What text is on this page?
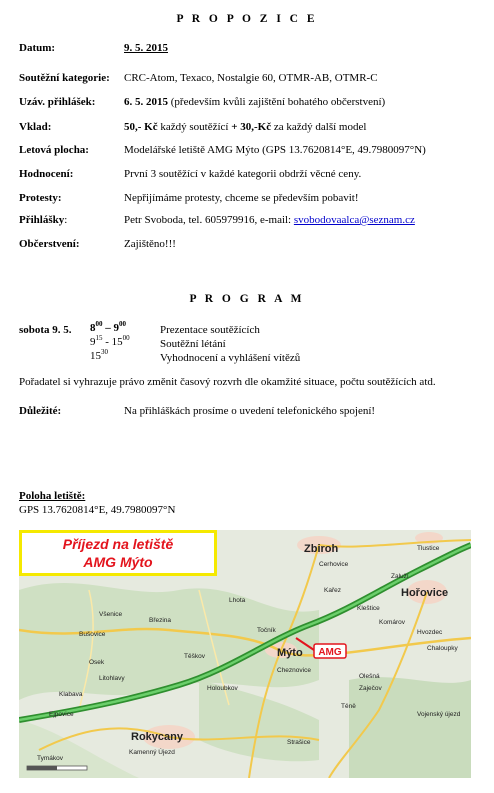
P R O P O Z I C E
Datum:	9. 5. 2015
Soutěžní kategorie: CRC-Atom, Texaco, Nostalgie 60, OTMR-AB, OTMR-C
Uzáv. přihlášek:	6. 5. 2015 (především kvůli zajištění bohatého občerstvení)
Vklad:	50,- Kč každý soutěžící + 30,-Kč za každý další model
Letová plocha:	Modelářské letiště AMG Mýto (GPS 13.7620814°E, 49.7980097°N)
Hodnocení:	První 3 soutěžící v každé kategorii obdrží věcné ceny.
Protesty:	Nepřijímáme protesty, chceme se především pobavit!
Přihlášky:	Petr Svoboda, tel. 605979916, e-mail: svobodovaalca@seznam.cz
Občerstvení:	Zajištěno!!!
P R O G R A M
sobota 9. 5. $8^{00} - 9^{00}$	Prezentace soutěžících
$9^{15} - 15^{00}$	Soutěžní létání
$15^{30}$	Vyhodnocení a vyhlášení vítězů
Pořadatel si vyhrazuje právo změnit časový rozvrh dle okamžité situace, počtu soutěžících atd.
Důležité:	Na přihláškách prosíme o uvedení telefonického spojení!
Poloha letiště:
GPS 13.7620814°E, 49.7980097°N
AMG
Zbiroh
Cerhovice
Tlustice
Hořovice
Lhota
Kařez
Zaluží
Kleštice
Březina
Všenice
Točník
Komárov
Hvozdec
Bušovice
Těškov
Chaloupky
Osek
Mýto
Cheznovice
Olešná
Litohlavy
Holoubkov	Zaječov
Klabava
Ejpovice
Těně
Vojenský újezd
Strašice
Rokycany
Kamenný Újezd
Tymákov
Příjezd na letiště
AMG Mýto
